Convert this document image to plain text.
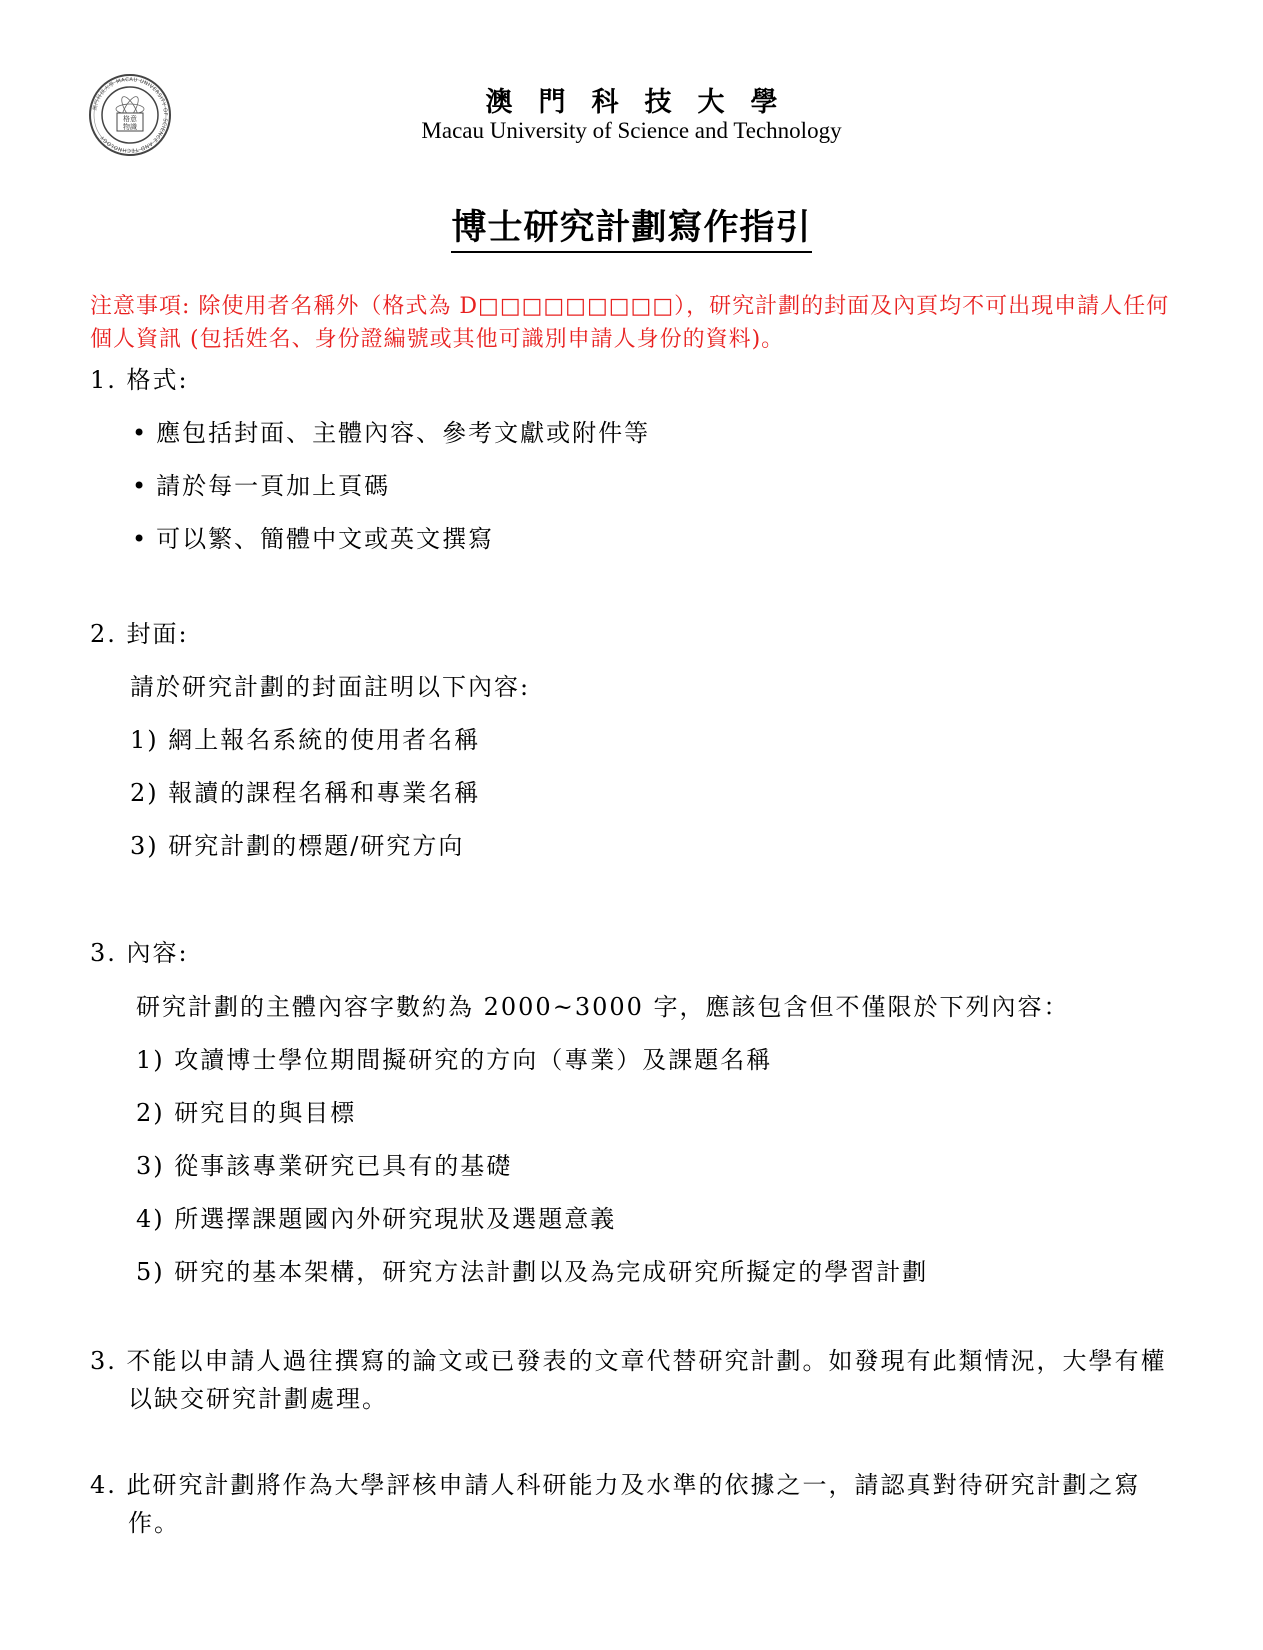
格意
物識
澳門科技大學 MACAU UNIVERSITY OF SCIENCE AND TECHNOLOGY
澳門科技大學
Macau University of Science and Technology
博士研究計劃寫作指引
注意事項: 除使用者名稱外（格式為 D□□□□□□□□□），研究計劃的封面及內頁均不可出現申請人任何個人資訊 (包括姓名、身份證編號或其他可識別申請人身份的資料)。
1. 格式:
• 應包括封面、主體內容、參考文獻或附件等
• 請於每一頁加上頁碼
• 可以繁、簡體中文或英文撰寫
2. 封面:
請於研究計劃的封面註明以下內容:
1) 網上報名系統的使用者名稱
2) 報讀的課程名稱和專業名稱
3) 研究計劃的標題/研究方向
3. 內容:
研究計劃的主體內容字數約為 2000~3000 字，應該包含但不僅限於下列內容：
1) 攻讀博士學位期間擬研究的方向（專業）及課題名稱
2) 研究目的與目標
3) 從事該專業研究已具有的基礎
4) 所選擇課題國內外研究現狀及選題意義
5) 研究的基本架構，研究方法計劃以及為完成研究所擬定的學習計劃
3. 不能以申請人過往撰寫的論文或已發表的文章代替研究計劃。如發現有此類情況，大學有權以缺交研究計劃處理。
4. 此研究計劃將作為大學評核申請人科研能力及水準的依據之一，請認真對待研究計劃之寫作。
